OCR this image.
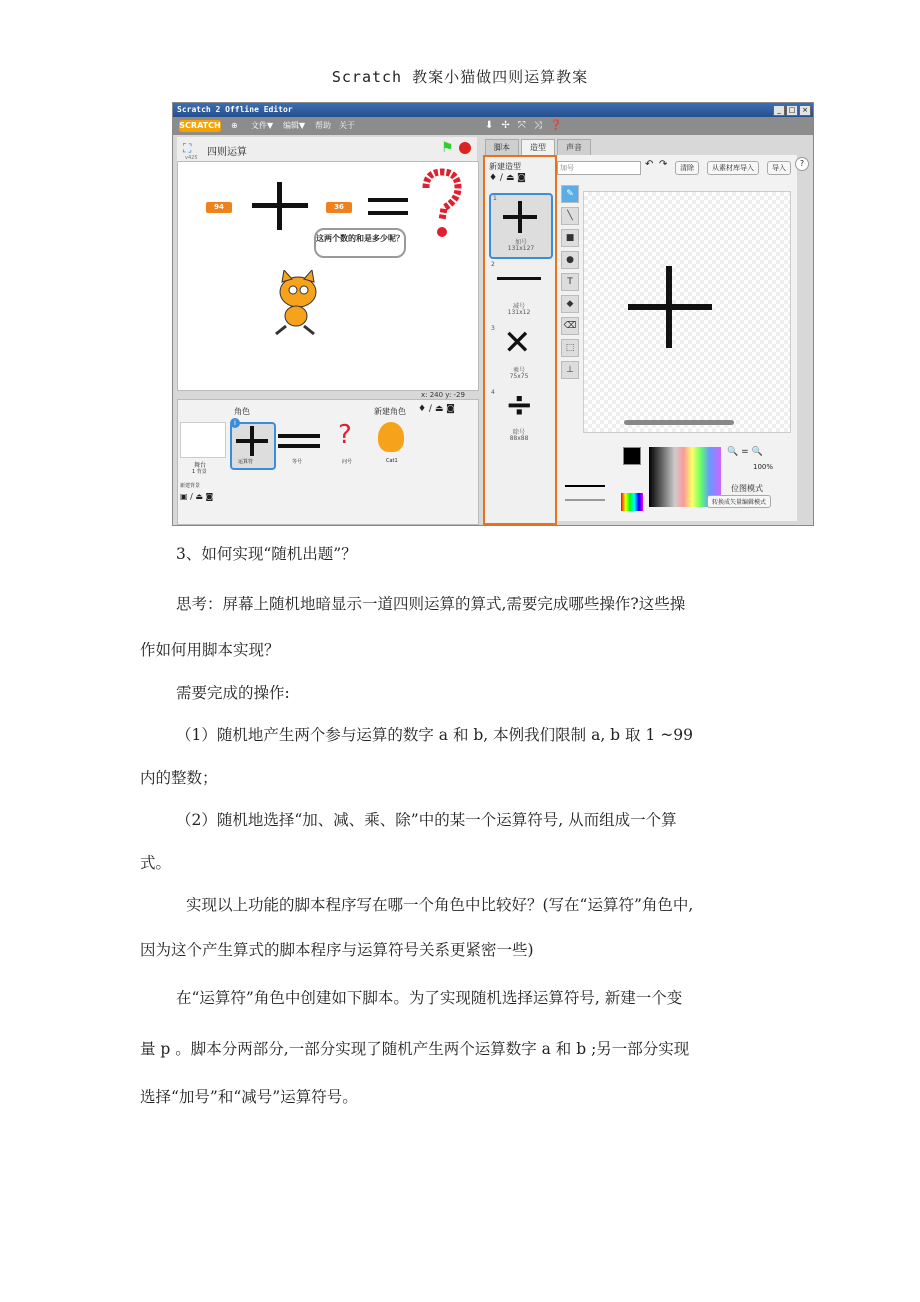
Scratch 教案小猫做四则运算教案
Scratch 2 Offline Editor	_	□ ×
SCRATCH ⊕ 文件▼ 编辑▼ 帮助 关于	⬇ ✢ ⤧ ⤨ ❓
⛶ 四则运算
v425
⚑
94	36
这两个数的和是多少呢？
x: 240 y: -29
角色	新建角色 ♦ ∕ ⏏ ◙
舞台
1 背景
新建背景
▣ ∕ ⏏ ◙
i
运算符	等号
?
问号	Cat1
脚本	造型	声音
新建造型
♦ ∕ ⏏ ◙
1
加号
131x127
2
减号
131x12
3 ✕
乘号
75x75
4 ÷
除号
88x88
加号	↶ ↷	清除	从素材库导入	导入
✎
╲
■
●
T
◆
⌫
⬚
⊥
🔍 = 🔍
100%
位图模式
转换成矢量编辑模式
?
3、如何实现“随机出题”？
思考：屏幕上随机地暗显示一道四则运算的算式,需要完成哪些操作?这些操
作如何用脚本实现？
需要完成的操作:
（1）随机地产生两个参与运算的数字 a 和 b, 本例我们限制 a, b 取 1 ~99
内的整数；
（2）随机地选择“加、减、乘、除”中的某一个运算符号, 从而组成一个算
式。
实现以上功能的脚本程序写在哪一个角色中比较好？(写在“运算符”角色中,
因为这个产生算式的脚本程序与运算符号关系更紧密一些)
在“运算符”角色中创建如下脚本。为了实现随机选择运算符号, 新建一个变
量 p 。脚本分两部分,一部分实现了随机产生两个运算数字 a 和 b ;另一部分实现
选择“加号”和“减号”运算符号。
